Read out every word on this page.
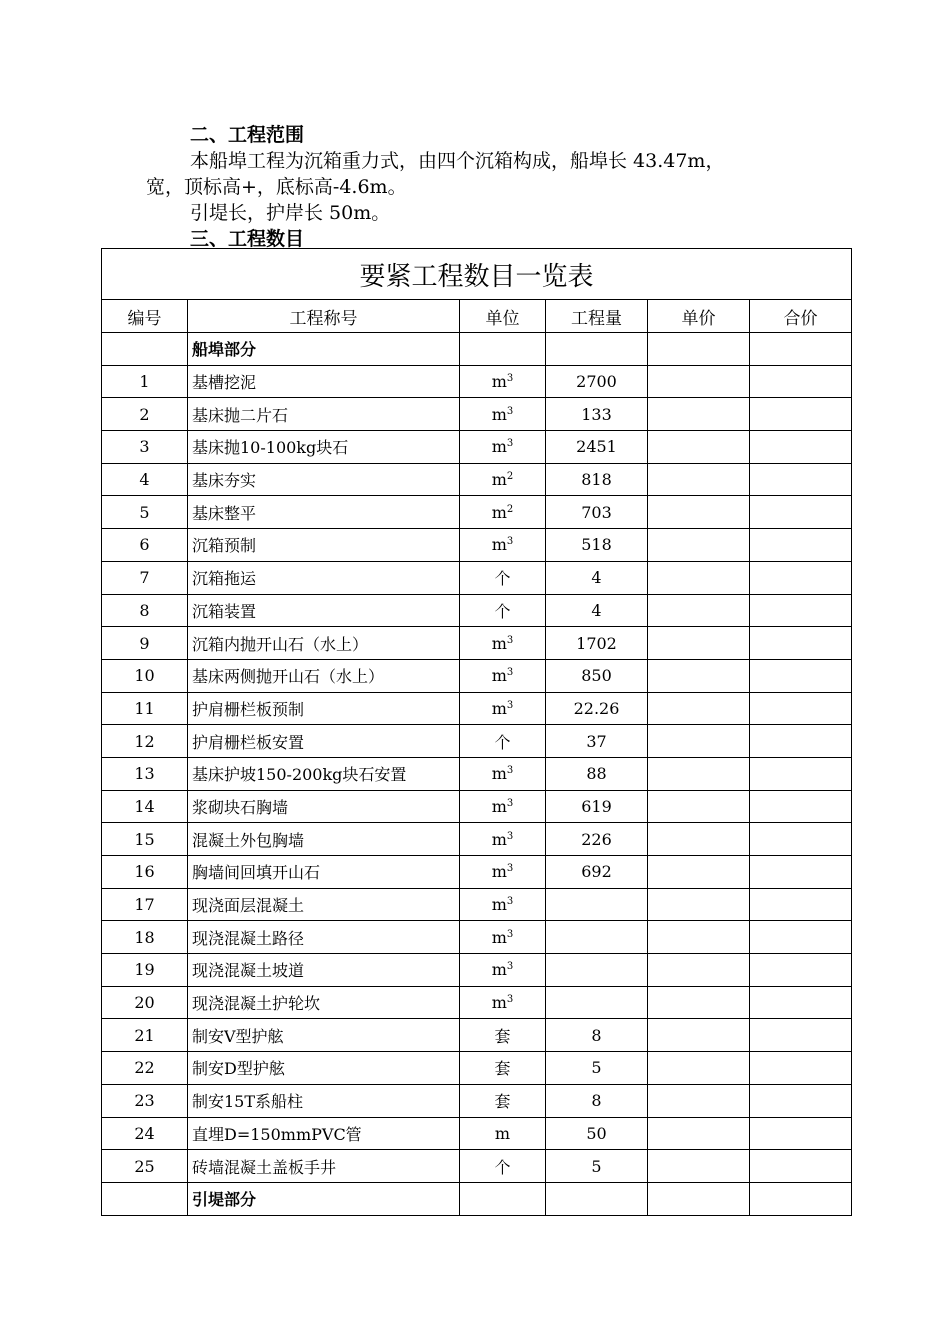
二、工程范围

本船埠工程为沉箱重力式，由四个沉箱构成，船埠长 43.47m，

宽，顶标高+，底标高-4.6m。

引堤长，护岸长 50m。

三、工程数目

要紧工程数目一览表					
编号	工程称号	单位	工程量	单价	合价
	船埠部分				
1	基槽挖泥	$m^3$	2700		
2	基床抛二片石	$m^3$	133		
3	基床抛10-100kg块石	$m^3$	2451		
4	基床夯实	$m^2$	818		
5	基床整平	$m^2$	703		
6	沉箱预制	$m^3$	518		
7	沉箱拖运	个	4		
8	沉箱装置	个	4		
9	沉箱内抛开山石（水上）	$m^3$	1702		
10	基床两侧抛开山石（水上）	$m^3$	850		
11	护肩栅栏板预制	$m^3$	22.26		
12	护肩栅栏板安置	个	37		
13	基床护坡150-200kg块石安置	$m^3$	88		
14	浆砌块石胸墙	$m^3$	619		
15	混凝土外包胸墙	$m^3$	226		
16	胸墙间回填开山石	$m^3$	692		
17	现浇面层混凝土	$m^3$			
18	现浇混凝土路径	$m^3$			
19	现浇混凝土坡道	$m^3$			
20	现浇混凝土护轮坎	$m^3$			
21	制安V型护舷	套	8		
22	制安D型护舷	套	5		
23	制安15T系船柱	套	8		
24	直埋D=150mmPVC管	m	50		
25	砖墙混凝土盖板手井	个	5		
	引堤部分				
